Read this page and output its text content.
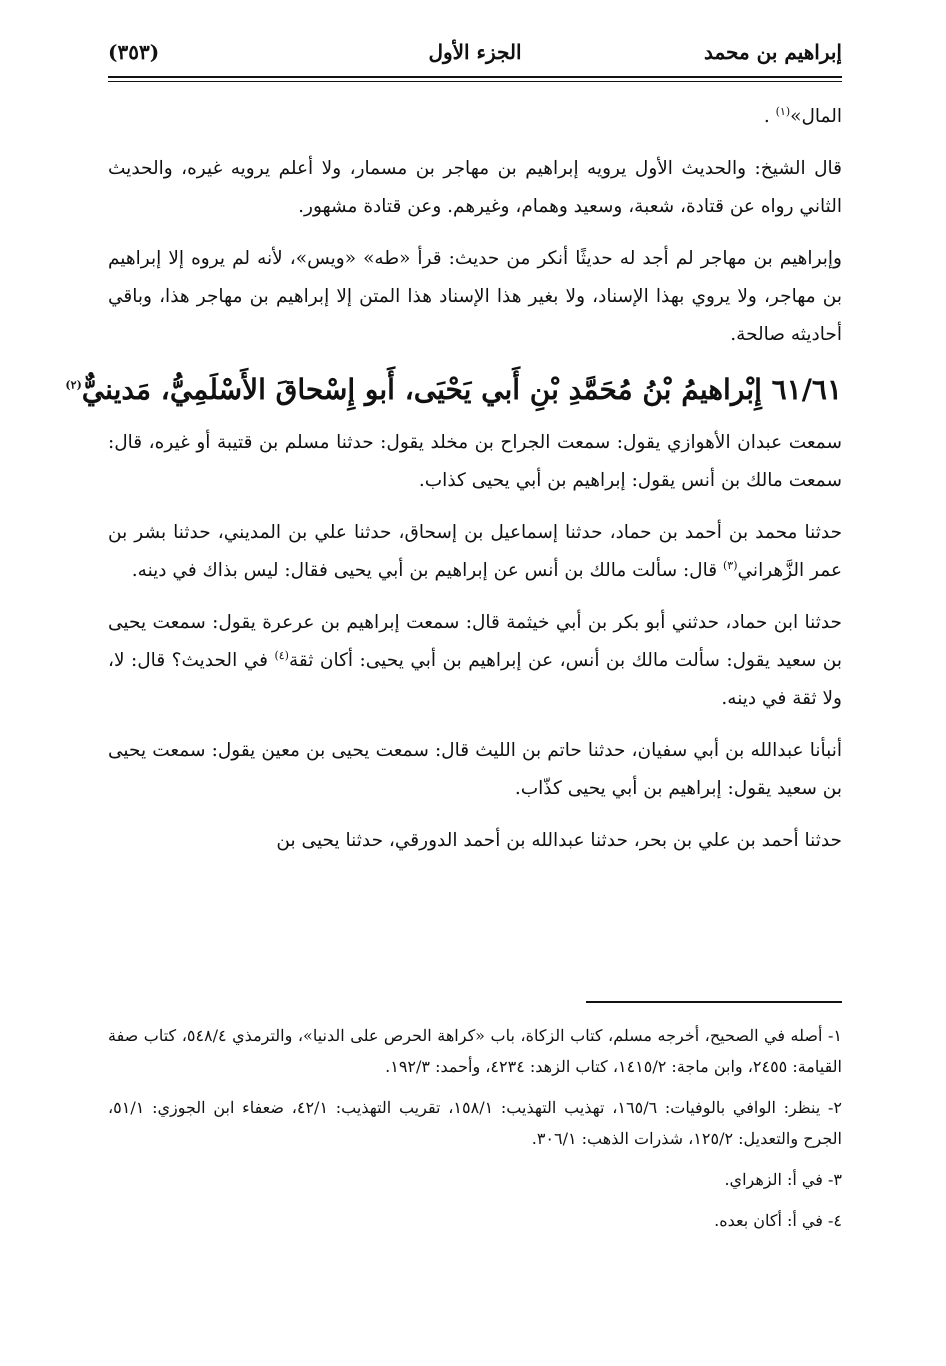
إبراهيم بن محمد
الجزء الأول
(٣٥٣)

المال»$^{(١)}$ .

قال الشيخ: والحديث الأول يرويه إبراهيم بن مهاجر بن مسمار، ولا أعلم يرويه غيره، والحديث الثاني رواه عن قتادة، شعبة، وسعيد وهمام، وغيرهم. وعن قتادة مشهور.

وإبراهيم بن مهاجر لم أجد له حديثًا أنكر من حديث: قرأ «طه» «ويس»، لأنه لم يروه إلا إبراهيم بن مهاجر، ولا يروي بهذا الإسناد، ولا بغير هذا الإسناد هذا المتن إلا إبراهيم بن مهاجر هذا، وباقي أحاديثه صالحة.

٦١/٦١ إِبْراهيمُ بْنُ مُحَمَّدِ بْنِ أَبي يَحْيَى، أَبو إِسْحاقَ الأَسْلَمِيُّ، مَدينيٌّ$^{(٢)}$

سمعت عبدان الأهوازي يقول: سمعت الجراح بن مخلد يقول: حدثنا مسلم بن قتيبة أو غيره، قال: سمعت مالك بن أنس يقول: إبراهيم بن أبي يحيى كذاب.

حدثنا محمد بن أحمد بن حماد، حدثنا إسماعيل بن إسحاق، حدثنا علي بن المديني، حدثنا بشر بن عمر الزَّهراني$^{(٣)}$ قال: سألت مالك بن أنس عن إبراهيم بن أبي يحيى فقال: ليس بذاك في دينه.

حدثنا ابن حماد، حدثني أبو بكر بن أبي خيثمة قال: سمعت إبراهيم بن عرعرة يقول: سمعت يحيى بن سعيد يقول: سألت مالك بن أنس، عن إبراهيم بن أبي يحيى: أكان ثقة$^{(٤)}$ في الحديث؟ قال: لا، ولا ثقة في دينه.

أنبأنا عبدالله بن أبي سفيان، حدثنا حاتم بن الليث قال: سمعت يحيى بن معين يقول: سمعت يحيى بن سعيد يقول: إبراهيم بن أبي يحيى كذّاب.

حدثنا أحمد بن علي بن بحر، حدثنا عبدالله بن أحمد الدورقي، حدثنا يحيى بن

١- أصله في الصحيح، أخرجه مسلم، كتاب الزكاة، باب «كراهة الحرص على الدنيا»، والترمذي ٥٤٨/٤، كتاب صفة القيامة: ٢٤٥٥، وابن ماجة: ١٤١٥/٢، كتاب الزهد: ٤٢٣٤، وأحمد: ١٩٢/٣.
٢- ينظر: الوافي بالوفيات: ١٦٥/٦، تهذيب التهذيب: ١٥٨/١، تقريب التهذيب: ٤٢/١، ضعفاء ابن الجوزي: ٥١/١، الجرح والتعديل: ١٢٥/٢، شذرات الذهب: ٣٠٦/١.
٣- في أ: الزهراي.
٤- في أ: أكان بعده.
